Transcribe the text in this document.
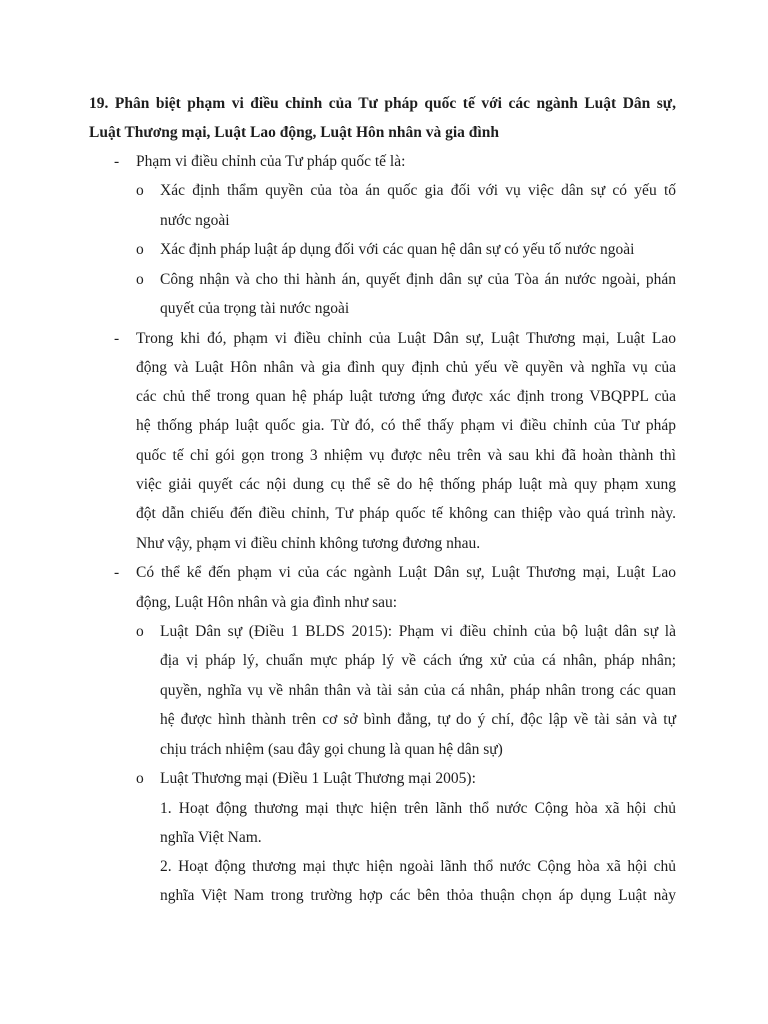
19. Phân biệt phạm vi điều chỉnh của Tư pháp quốc tế với các ngành Luật Dân sự,
Luật Thương mại, Luật Lao động, Luật Hôn nhân và gia đình
- Phạm vi điều chỉnh của Tư pháp quốc tế là:
o Xác định thẩm quyền của tòa án quốc gia đối với vụ việc dân sự có yếu tố
nước ngoài
o Xác định pháp luật áp dụng đối với các quan hệ dân sự có yếu tố nước ngoài
o Công nhận và cho thi hành án, quyết định dân sự của Tòa án nước ngoài, phán
quyết của trọng tài nước ngoài
- Trong khi đó, phạm vi điều chỉnh của Luật Dân sự, Luật Thương mại, Luật Lao
động và Luật Hôn nhân và gia đình quy định chủ yếu về quyền và nghĩa vụ của
các chủ thể trong quan hệ pháp luật tương ứng được xác định trong VBQPPL của
hệ thống pháp luật quốc gia. Từ đó, có thể thấy phạm vi điều chỉnh của Tư pháp
quốc tế chỉ gói gọn trong 3 nhiệm vụ được nêu trên và sau khi đã hoàn thành thì
việc giải quyết các nội dung cụ thể sẽ do hệ thống pháp luật mà quy phạm xung
đột dẫn chiếu đến điều chỉnh, Tư pháp quốc tế không can thiệp vào quá trình này.
Như vậy, phạm vi điều chỉnh không tương đương nhau.
- Có thể kể đến phạm vi của các ngành Luật Dân sự, Luật Thương mại, Luật Lao
động, Luật Hôn nhân và gia đình như sau:
o Luật Dân sự (Điều 1 BLDS 2015): Phạm vi điều chỉnh của bộ luật dân sự là
địa vị pháp lý, chuẩn mực pháp lý về cách ứng xử của cá nhân, pháp nhân;
quyền, nghĩa vụ về nhân thân và tài sản của cá nhân, pháp nhân trong các quan
hệ được hình thành trên cơ sở bình đẳng, tự do ý chí, độc lập về tài sản và tự
chịu trách nhiệm (sau đây gọi chung là quan hệ dân sự)
o Luật Thương mại (Điều 1 Luật Thương mại 2005):
1. Hoạt động thương mại thực hiện trên lãnh thổ nước Cộng hòa xã hội chủ
nghĩa Việt Nam.
2. Hoạt động thương mại thực hiện ngoài lãnh thổ nước Cộng hòa xã hội chủ
nghĩa Việt Nam trong trường hợp các bên thỏa thuận chọn áp dụng Luật này
